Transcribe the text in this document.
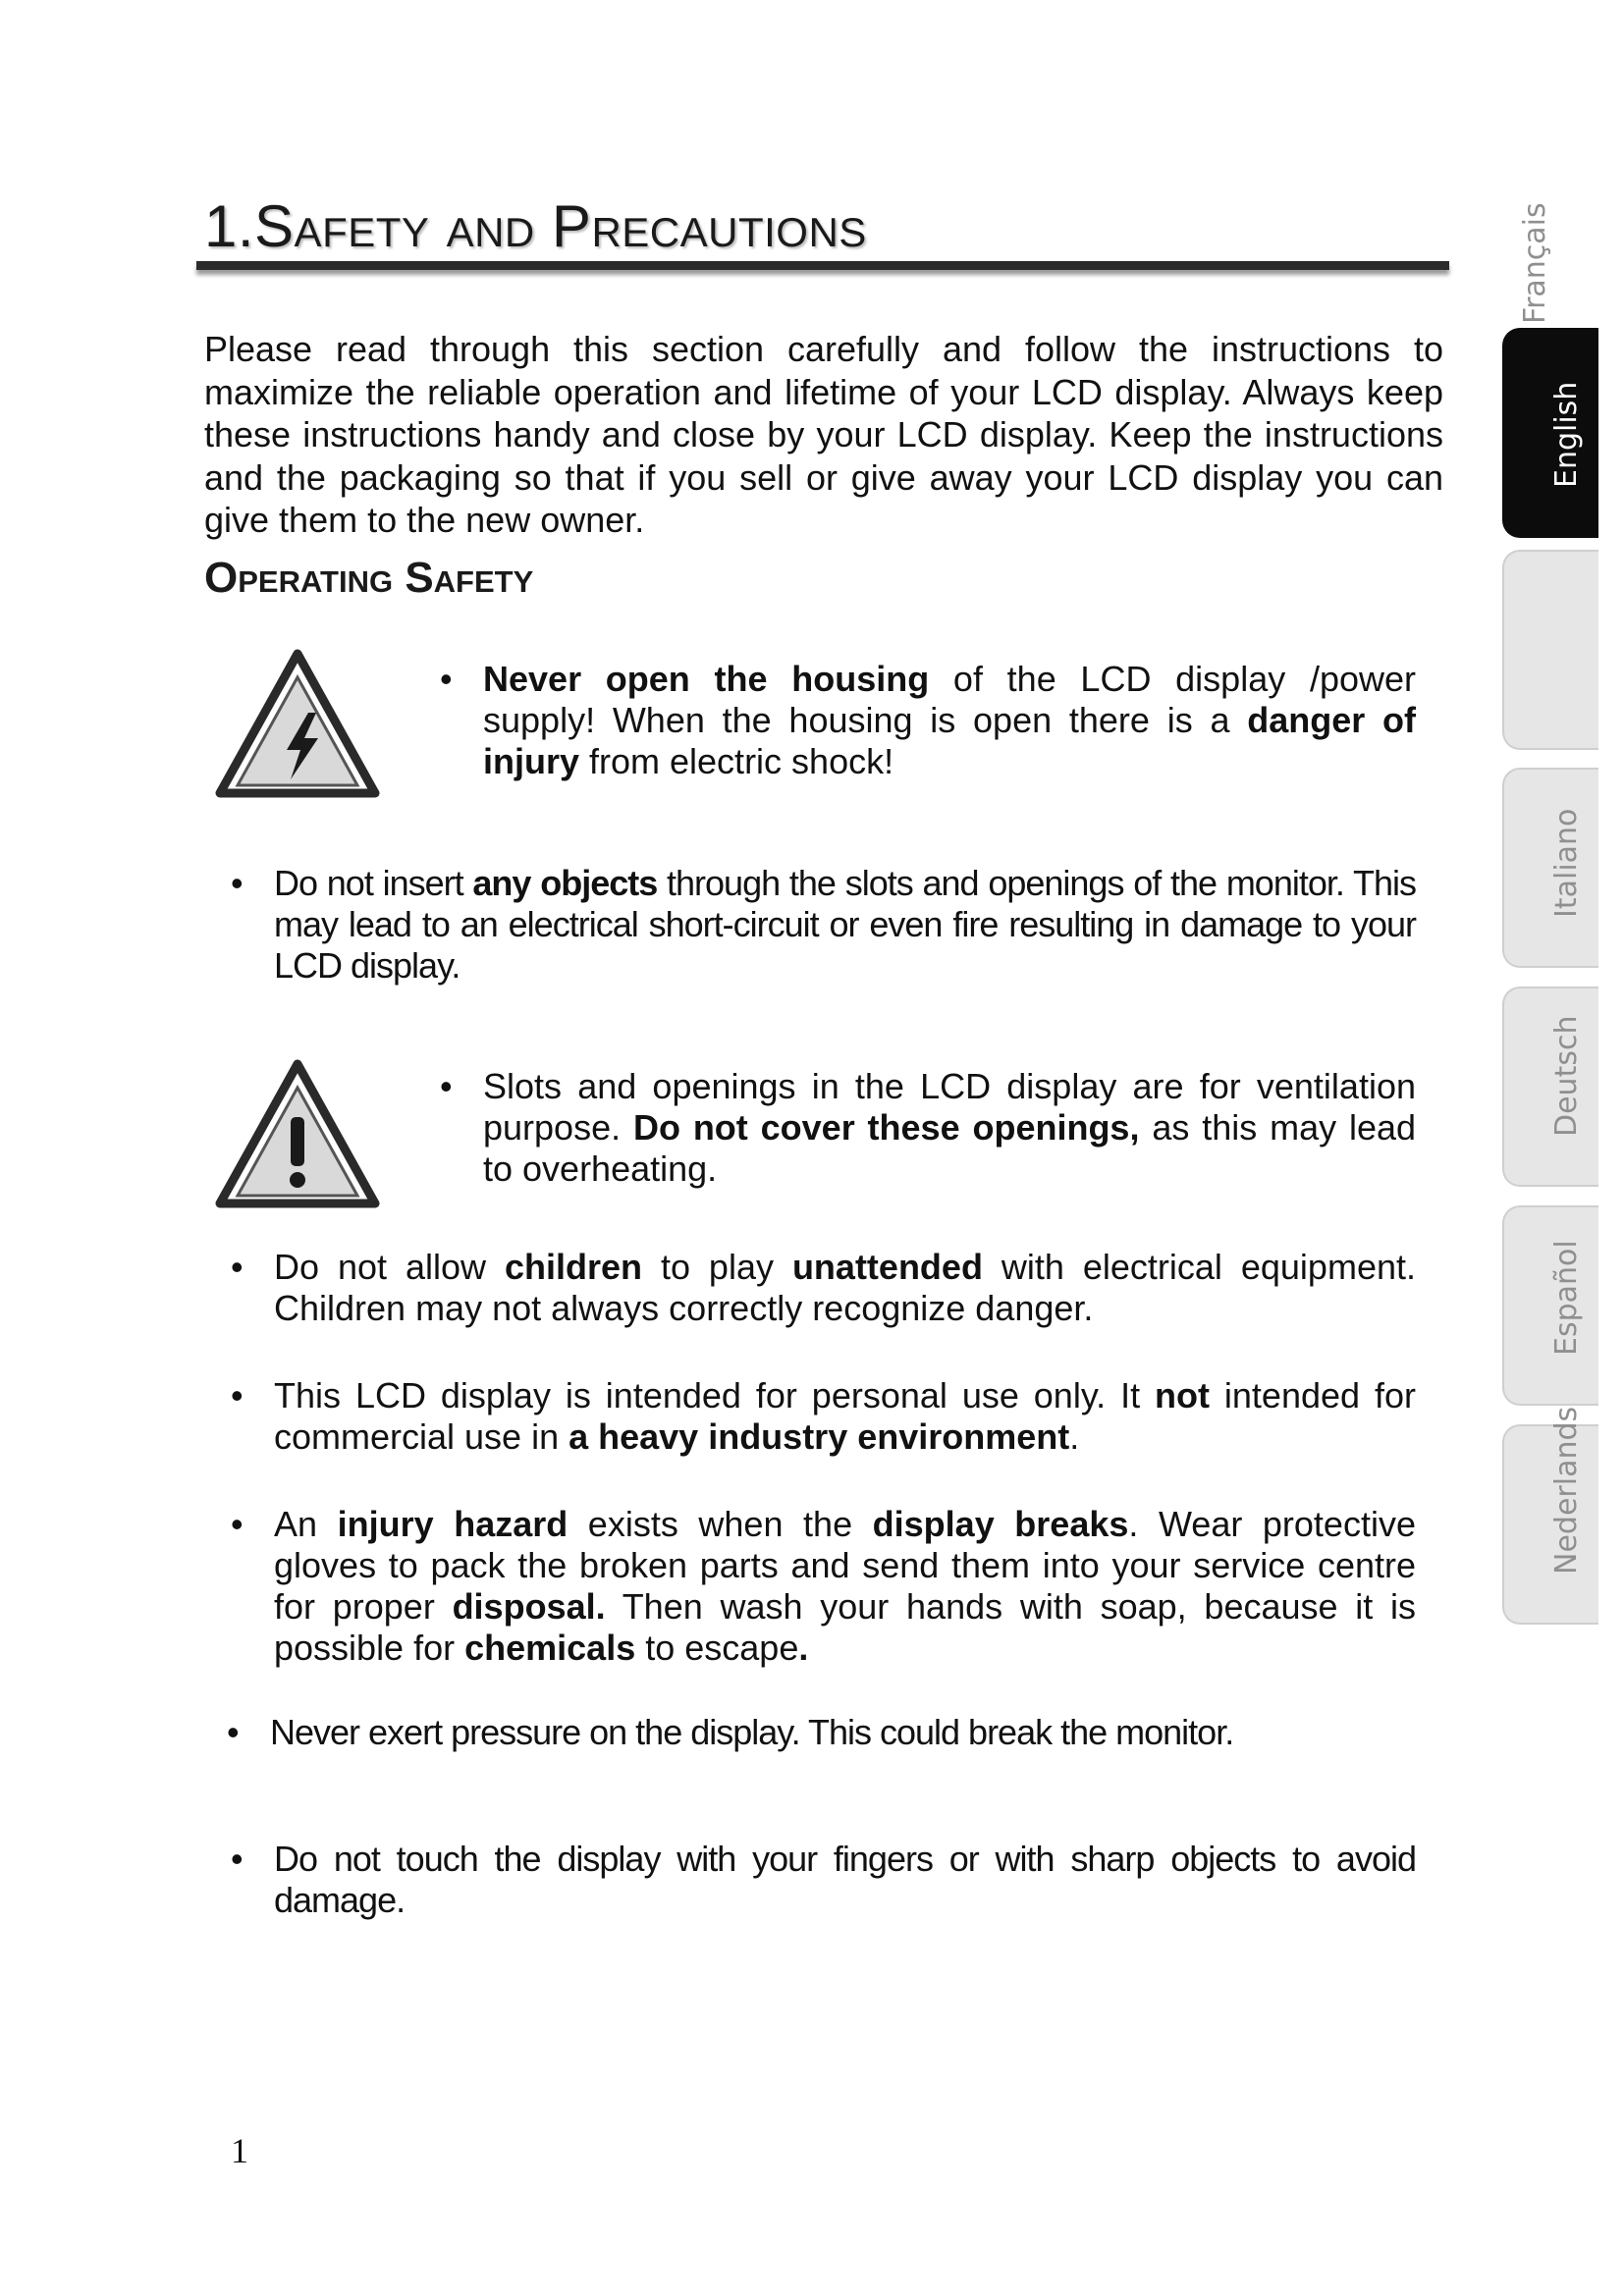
1.Safety and Precautions

Please read through this section carefully and follow the instructions to maximize the reliable operation and lifetime of your LCD display. Always keep these instructions handy and close by your LCD display. Keep the instructions and the packaging so that if you sell or give away your LCD display you can give them to the new owner.

Operating Safety

• Never open the housing of the LCD display /power supply! When the housing is open there is a danger of injury from electric shock!

• Do not insert any objects through the slots and openings of the monitor. This may lead to an electrical short-circuit or even fire resulting in damage to your LCD display.

• Slots and openings in the LCD display are for ventilation purpose. Do not cover these openings, as this may lead to overheating.

• Do not allow children to play unattended with electrical equipment. Children may not always correctly recognize danger.

• This LCD display is intended for personal use only. It not intended for commercial use in a heavy industry environment.

• An injury hazard exists when the display breaks. Wear protective gloves to pack the broken parts and send them into your service centre for proper disposal. Then wash your hands with soap, because it is possible for chemicals to escape.

• Never exert pressure on the display. This could break the monitor.

• Do not touch the display with your fingers or with sharp objects to avoid damage.

English
Italiano
Deutsch
Español
Nederlands
Français
1
